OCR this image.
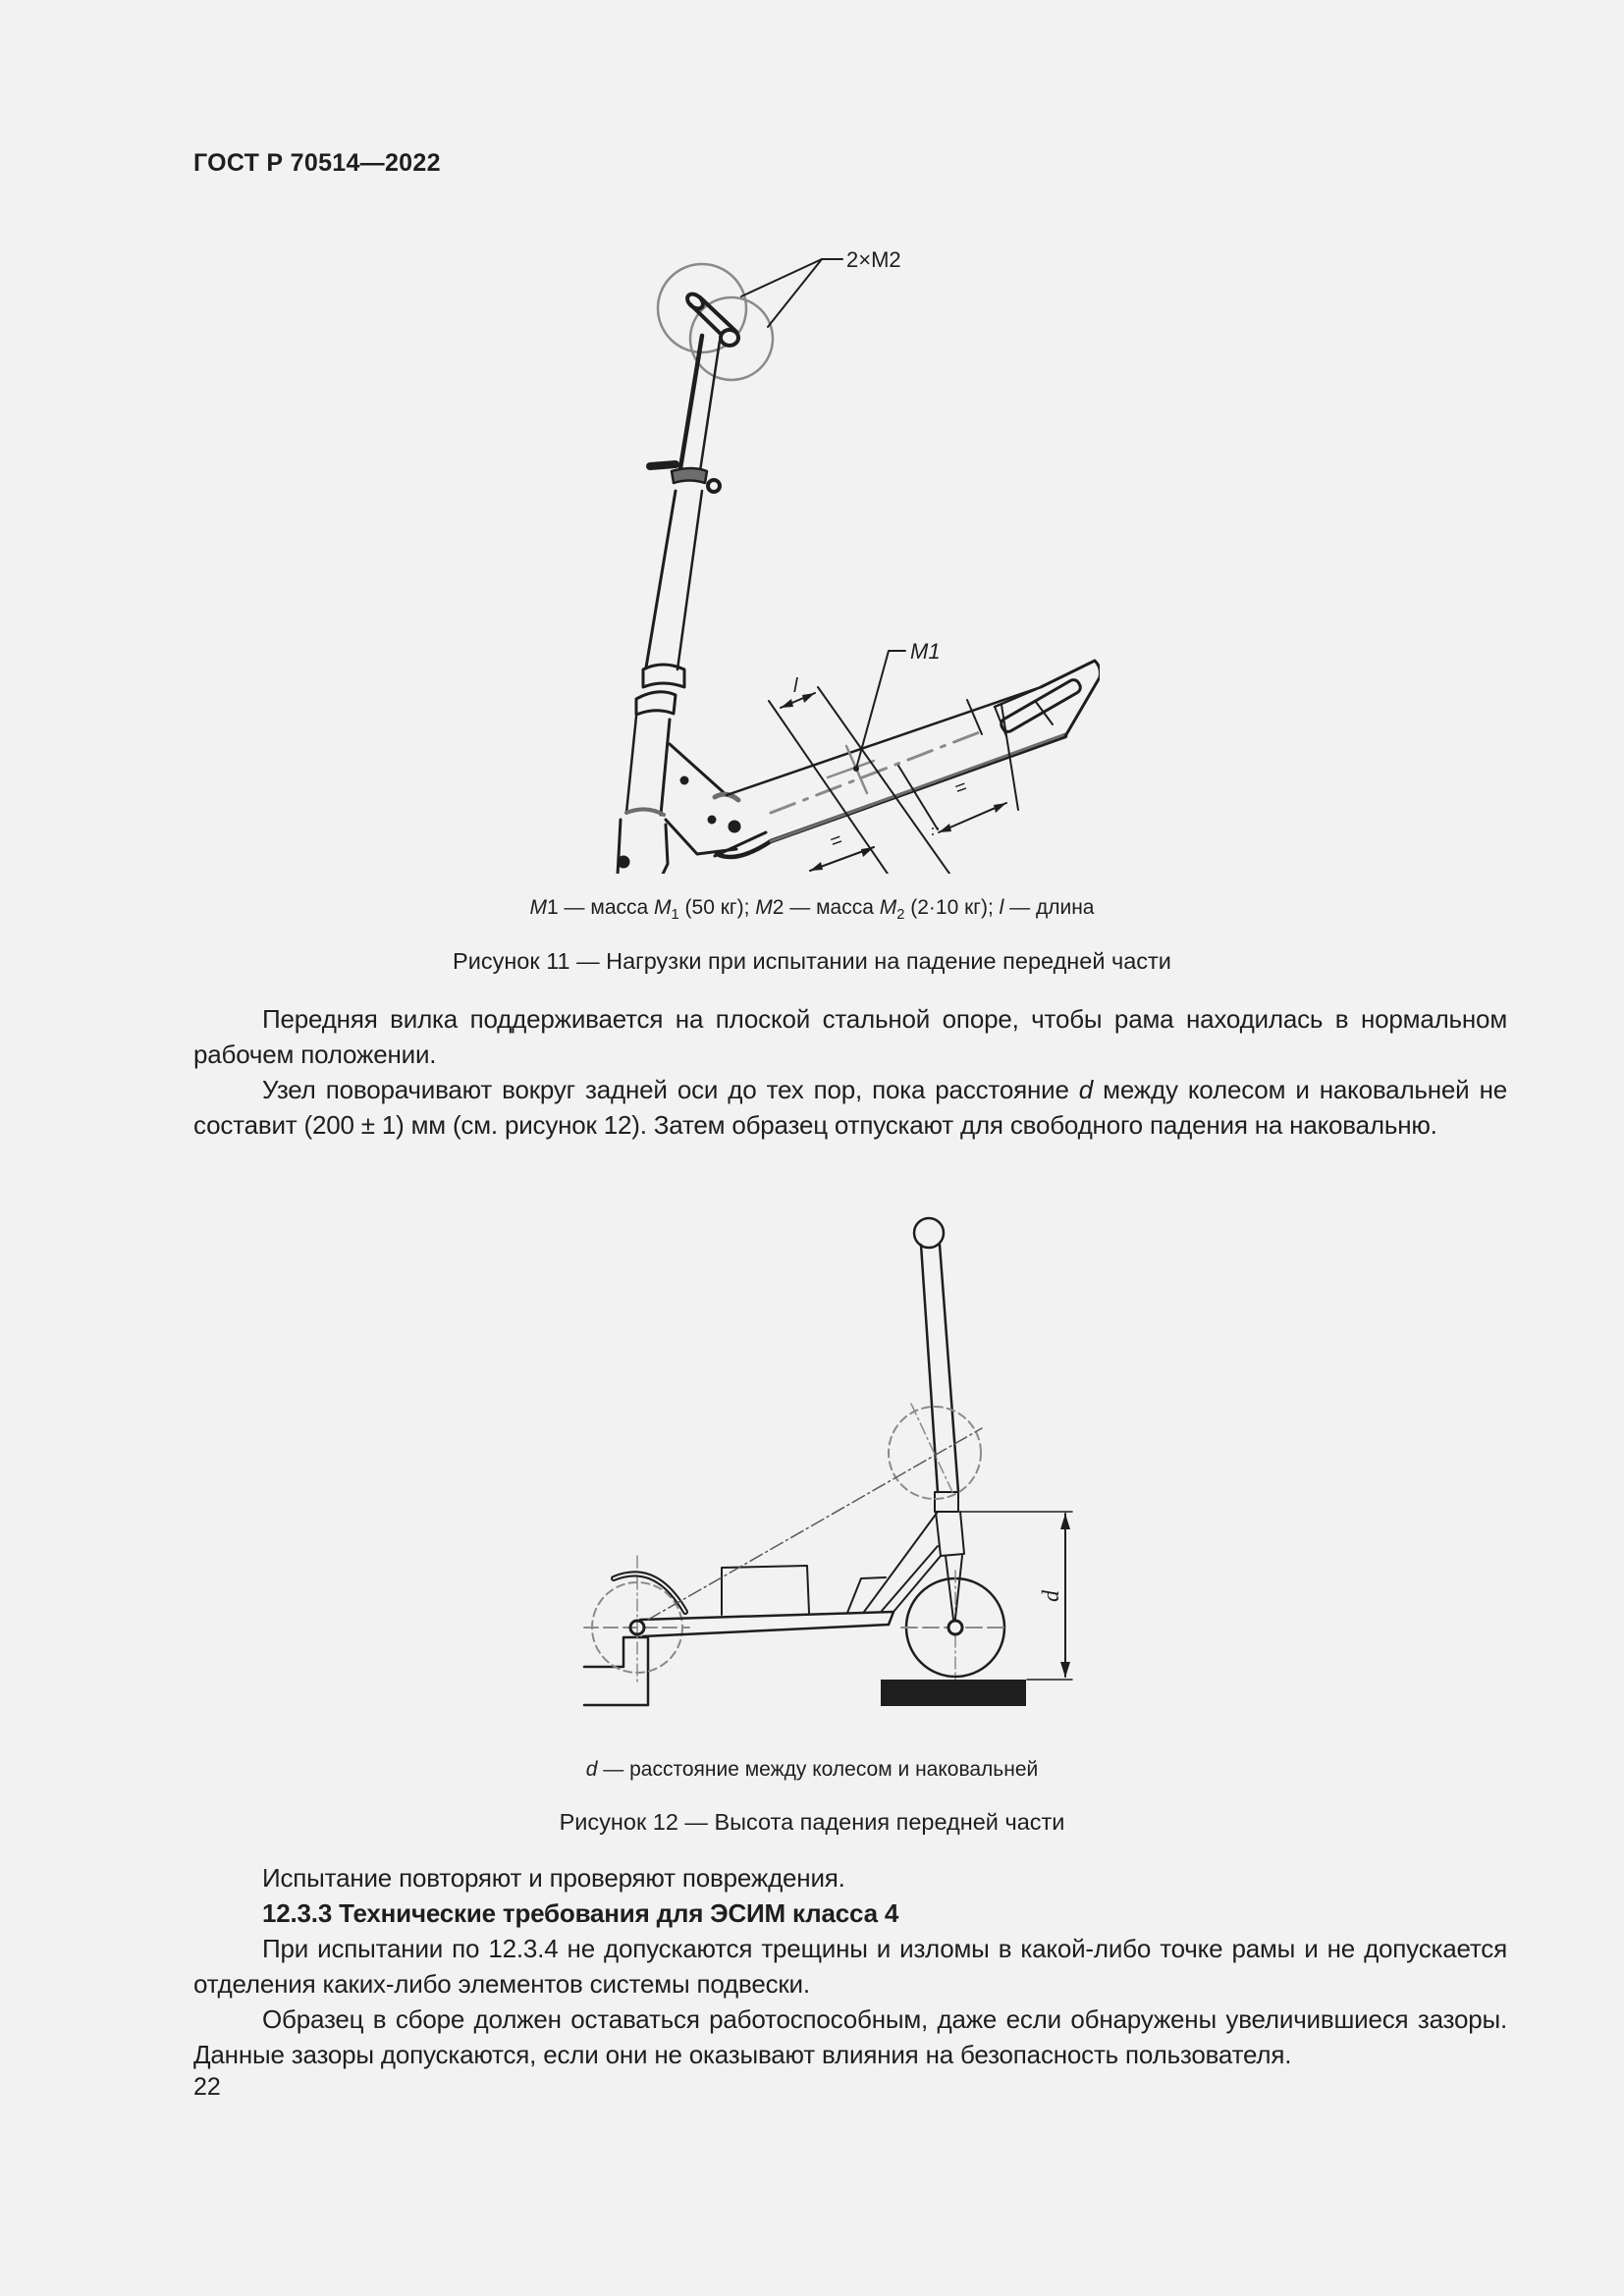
ГОСТ Р 70514—2022
2×M2
M1
l
=
=
M1 — масса $M_1$ (50 кг); M2 — масса $M_2$ (2·10 кг); l — длина
Рисунок 11 — Нагрузки при испытании на падение передней части
Передняя вилка поддерживается на плоской стальной опоре, чтобы рама находилась в нормальном рабочем положении.
Узел поворачивают вокруг задней оси до тех пор, пока расстояние d между колесом и наковальней не составит (200 ± 1) мм (см. рисунок 12). Затем образец отпускают для свободного падения на наковальню.
d
d — расстояние между колесом и наковальней
Рисунок 12 — Высота падения передней части
Испытание повторяют и проверяют повреждения.
12.3.3 Технические требования для ЭСИМ класса 4
При испытании по 12.3.4 не допускаются трещины и изломы в какой-либо точке рамы и не допускается отделения каких-либо элементов системы подвески.
Образец в сборе должен оставаться работоспособным, даже если обнаружены увеличившиеся зазоры. Данные зазоры допускаются, если они не оказывают влияния на безопасность пользователя.
22
